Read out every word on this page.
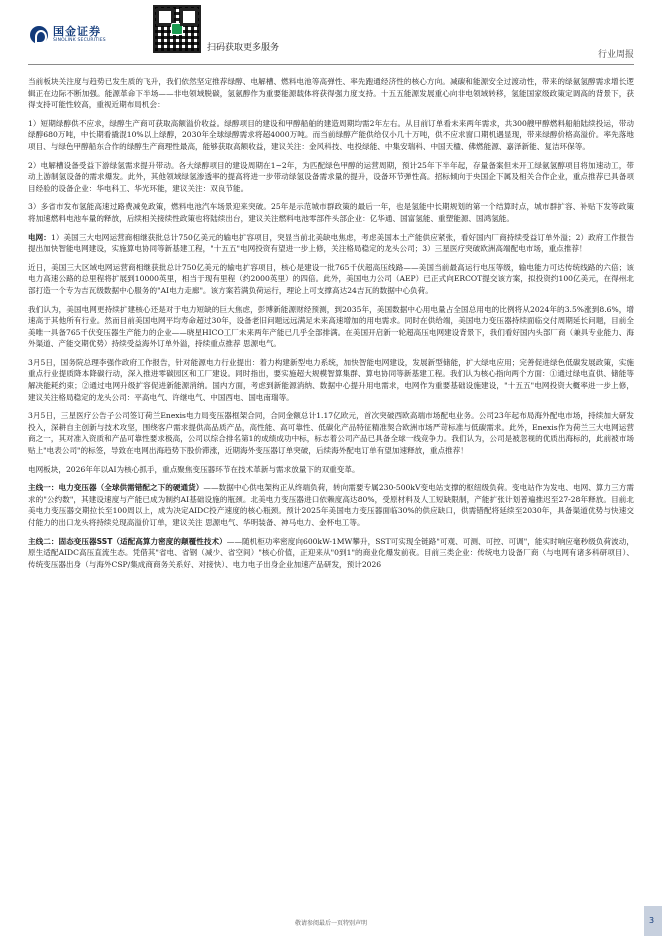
国金证券
SINOLINK SECURITIES
扫码获取更多服务
行业周报
当前板块关注度与趋势已发生质的飞升，我们依然坚定推荐绿醇、电解槽、燃料电池等高弹性、率先跑通经济性的核心方向。减碳和能源安全过渡动性，带来的绿氨氢醇需求增长逻辑正在边际不断加强。能源革命下半场——非电领域脱碳，氢氨醇作为重要能源载体将获得强力度支持。十五五能源发展重心向非电领域转移，氢能国家级政策定调高的背景下，获得支持可能性较高，重视近期布局机会：
1）短期绿醇供不应求，绿醇生产商可获取高额溢价收益。绿醇项目的建设和甲醇船舶的建造周期均需2年左右。从目前订单看未来两年需求，共300艘甲醇燃料船舶陆续投运，带动绿醇680万吨，中长期看撬混10%以上绿醇，2030年全球绿醇需求将超4000万吨。而当前绿醇产能供给仅小几十万吨，供不应求窗口期机遇显现，带来绿醇价格高溢价。率先落地项目、与绿色甲醇船东合作的绿醇生产商理性最高，能够获取高额收益，建议关注：金风科技、电投绿能、中集安瑞科、中国天楹、佛燃能源、嘉泽新能、复洁环保等。
2）电解槽设备受益下游绿氢需求提升带动。各大绿醇项目的建设周期在1~2年，为匹配绿色甲醇的运营周期，预计25年下半年起，存量备案但未开工绿氨氢醇项目将加速动工，带动上游制氢设备的需求爆发。此外，其他领域绿氢渗透率的提高将进一步带动绿氢设备需求量的提升，设备环节弹性高。招标倾向于央国企下属及相关合作企业，重点推荐已具备项目经验的设备企业：华电科工、华光环能，建议关注：双良节能。
3）多省市发布氢能高速过路费减免政策，燃料电池汽车场景迎来突破。25年是示范城市群政策的最后一年，也是氢能中长期规划的第一个结算时点，城市群扩容、补贴下发等政策将加速燃料电池车量的释放，后续相关接续性政策也将陆续出台，建议关注燃料电池零部件头部企业：亿华通、国富氢能、重塑能源、国鸿氢能。
电网：1）美国三大电网运营商相继获批总计750亿美元的输电扩容项目，突显当前北美缺电焦虑，考虑美国本土产能供应紧张，看好国内厂商持续受益订单外溢；2）政府工作报告提出加快智能电网建设，实施算电协同等新基建工程，"十五五"电网投资有望进一步上修，关注格局稳定的龙头公司；3）三星医疗突破欧洲高端配电市场，重点推荐！
近日，美国三大区域电网运营商相继获批总计750亿美元的输电扩容项目，核心是建设一批765千伏超高压线路——美国当前最高运行电压等级，输电能力可达传统线路的六倍；该电力高速公路的总里程将扩展到10000英里，相当于现有里程（约2000英里）的四倍。此外，美国电力公司（AEP）已正式向ERCOT提交该方案，拟投资约100亿美元，在得州北部打造一个专为吉瓦级数据中心服务的"AI电力走廊"。该方案若满负荷运行，理论上可支撑高达24吉瓦的数据中心负荷。
我们认为，美国电网更持续扩建核心还是对于电力短缺的巨大焦虑，彭博新能源财经预测，到2035年，美国数据中心用电量占全国总用电的比例将从2024年的3.5%涨到8.6%，增速高于其他所有行业。然而目前美国电网平均寿命超过30年，设备老旧问题远远满足未来高速增加的用电需求。同时在供给端，美国电力变压器持续面临交付周期延长问题，目前全美唯一具备765千伏变压器生产能力的企业——晓星HICO工厂未来两年产能已几乎全部排满。在美国开启新一轮超高压电网建设背景下，我们看好国内头部厂商（兼具专业能力、海外渠道、产能交期优势）持续受益海外订单外溢，持续重点推荐 思源电气。
3月5日，国务院总理李强作政府工作报告，针对能源电力行业提出：着力构建新型电力系统，加快智能电网建设，发展新型储能，扩大绿电应用；完善促进绿色低碳发展政策，实施重点行业提质降本降碳行动，深入推进零碳园区和工厂建设。同时指出，要实施超大规模智算集群、算电协同等新基建工程。我们认为核心指向两个方面：①通过绿电直供、储能等解决能耗约束；②通过电网升级扩容促进新能源消纳。国内方面，考虑到新能源消纳、数据中心提升用电需求，电网作为重要基础设施建设，"十五五"电网投资大概率进一步上修，建议关注格局稳定的龙头公司：平高电气、许继电气、中国西电、国电南瑞等。
3月5日，三星医疗公告子公司签订荷兰Enexis电力局变压器框架合同，合同金额总计1.17亿欧元，首次突破西欧高端市场配电业务。公司23年起布局海外配电市场，持续加大研发投入，深耕自主创新与技术攻坚，围绕客户需求提供高品质产品，高性能、高可靠性、低碳化产品特征精准契合欧洲市场严苛标准与低碳需求。此外，Enexis作为荷兰三大电网运营商之一，其对准入资质和产品可靠性要求极高，公司以综合排名第1的成绩成功中标，标志着公司产品已具备全球一线竞争力。我们认为，公司是被忽视的优质出海标的，此前被市场贴上"电表公司"的标签，导致在电网出海趋势下股价滞涨，近期海外变压器订单突破，后续海外配电订单有望加速释放，重点推荐！
电网板块，2026年年以AI为核心抓手，重点聚焦变压器环节在技术革新与需求放量下的双重变革。
主线一：电力变压器（全球供需错配之下的硬通货）——数据中心供电架构正从终端负荷，转向需要专属230-500kV变电站支撑的枢纽级负荷。变电站作为发电、电网、算力三方需求的"公约数"，其建设速度与产能已成为制约AI基础设施的瓶颈。北美电力变压器进口依赖度高达80%，受原材料及人工短缺限制，产能扩张计划普遍推迟至27-28年释放。目前北美电力变压器交期拉长至100周以上，成为决定AIDC投产速度的核心瓶颈。预计2025年美国电力变压器面临30%的供应缺口，供需错配将延续至2030年，具备渠道优势与快速交付能力的出口龙头将持续兑现高溢价订单，建议关注 思源电气、华明装备、神马电力、金杯电工等。
主线二：固态变压器SST（适配高算力密度的颠覆性技术）——随机柜功率密度向600kW-1MW攀升，SST可实现全链路"可观、可测、可控、可调"，能实时响应毫秒级负荷波动，原生适配AIDC高压直流生态。凭借其"省电、省钢（减少、省空间）"核心价值，正迎来从"0到1"的商业化爆发前夜。目前三类企业：传统电力设备厂商（与电网有诸多科研项目）、传统变压器出身（与海外CSP/集成商商务关系好、对接快）、电力电子出身企业加速产品研发，预计2026
敬请参阅最后一页特别声明	3
